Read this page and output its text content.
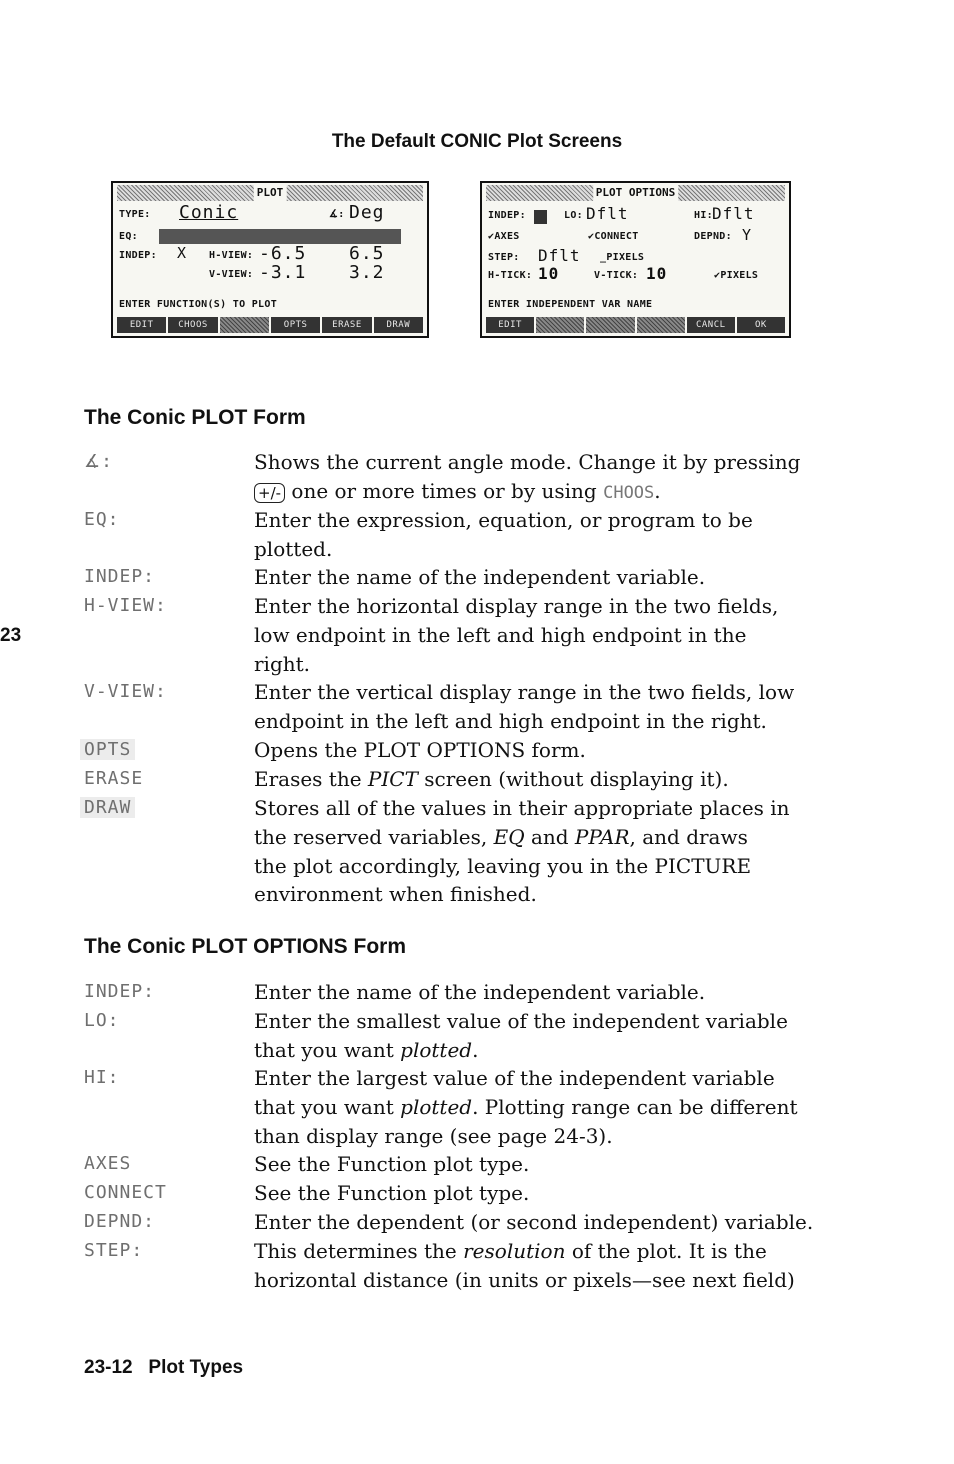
The Default CONIC Plot Screens
PLOT
TYPE: Conic	∡: Deg
EQ:
INDEP: X H-VIEW: -6.5 6.5
V-VIEW: -3.1 3.2
ENTER FUNCTION(S) TO PLOT
EDIT	CHOOS	OPTS	ERASE	DRAW
PLOT OPTIONS
INDEP:	LO: Dflt	HI: Dflt
✔AXES	✔CONNECT	DEPND: Y
STEP: Dflt _PIXELS
H-TICK: 10	V-TICK: 10	✔PIXELS
ENTER INDEPENDENT VAR NAME
EDIT	CANCL	OK
The Conic PLOT Form
∡:	Shows the current angle mode. Change it by pressing
+/- one or more times or by using CHOOS.
EQ:	Enter the expression, equation, or program to be
plotted.
INDEP:	Enter the name of the independent variable.
H-VIEW:	Enter the horizontal display range in the two fields,
low endpoint in the left and high endpoint in the
right.
V-VIEW:	Enter the vertical display range in the two fields, low
endpoint in the left and high endpoint in the right.
OPTS	Opens the PLOT OPTIONS form.
ERASE	Erases the PICT screen (without displaying it).
DRAW	Stores all of the values in their appropriate places in
the reserved variables, EQ and PPAR, and draws
the plot accordingly, leaving you in the PICTURE
environment when finished.
23
The Conic PLOT OPTIONS Form
INDEP:	Enter the name of the independent variable.
LO:	Enter the smallest value of the independent variable
that you want plotted.
HI:	Enter the largest value of the independent variable
that you want plotted. Plotting range can be different
than display range (see page 24-3).
AXES	See the Function plot type.
CONNECT	See the Function plot type.
DEPND:	Enter the dependent (or second independent) variable.
STEP:	This determines the resolution of the plot. It is the
horizontal distance (in units or pixels—see next field)
23-12   Plot Types
